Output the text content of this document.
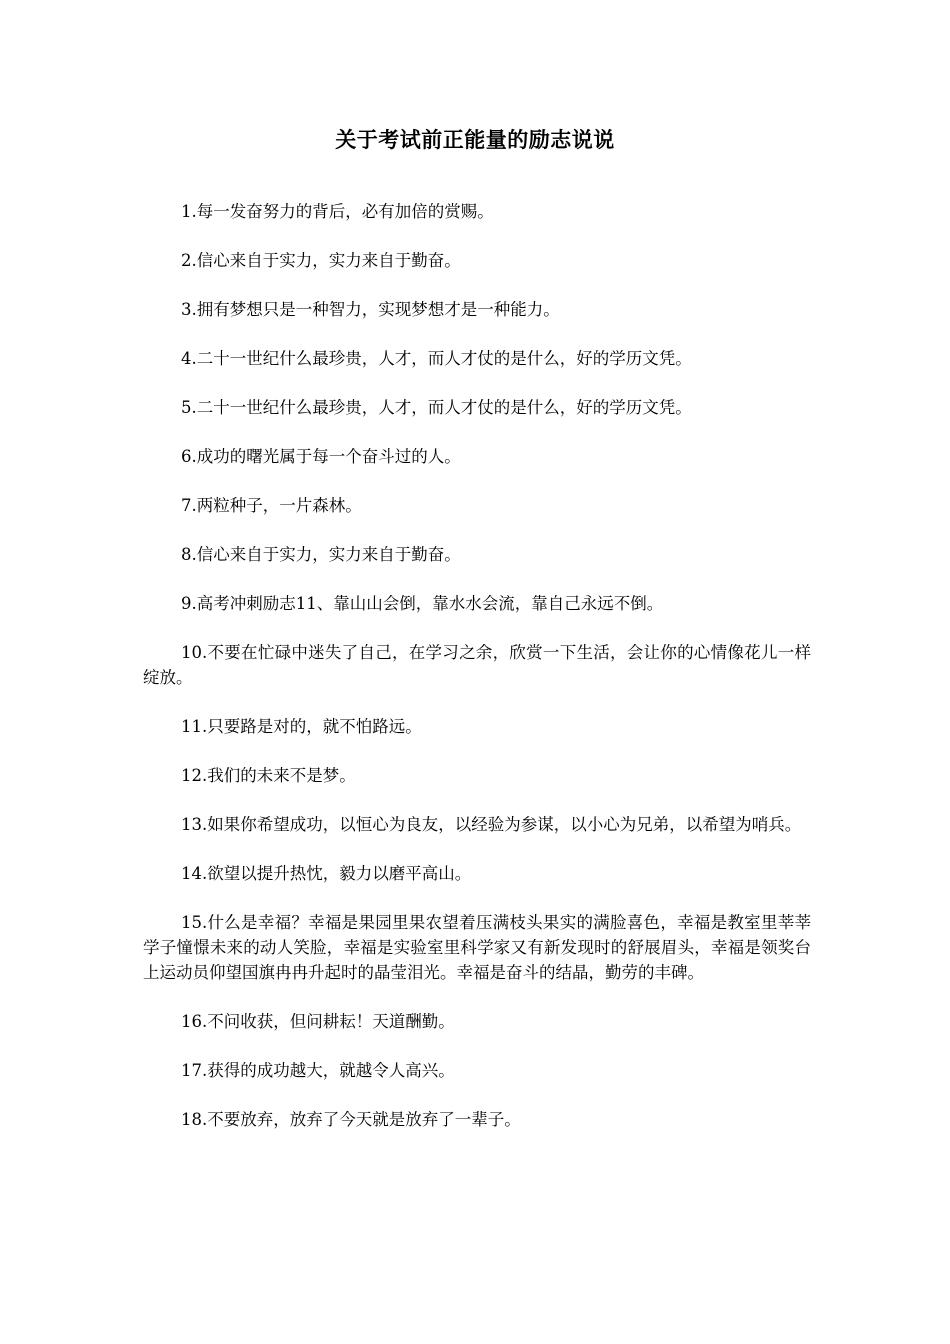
关于考试前正能量的励志说说

1.每一发奋努力的背后，必有加倍的赏赐。

2.信心来自于实力，实力来自于勤奋。

3.拥有梦想只是一种智力，实现梦想才是一种能力。

4.二十一世纪什么最珍贵，人才，而人才仗的是什么，好的学历文凭。

5.二十一世纪什么最珍贵，人才，而人才仗的是什么，好的学历文凭。

6.成功的曙光属于每一个奋斗过的人。

7.两粒种子，一片森林。

8.信心来自于实力，实力来自于勤奋。

9.高考冲刺励志11、靠山山会倒，靠水水会流，靠自己永远不倒。

10.不要在忙碌中迷失了自己，在学习之余，欣赏一下生活，会让你的心情像花儿一样绽放。

11.只要路是对的，就不怕路远。

12.我们的未来不是梦。

13.如果你希望成功，以恒心为良友，以经验为参谋，以小心为兄弟，以希望为哨兵。

14.欲望以提升热忱，毅力以磨平高山。

15.什么是幸福？幸福是果园里果农望着压满枝头果实的满脸喜色，幸福是教室里莘莘学子憧憬未来的动人笑脸，幸福是实验室里科学家又有新发现时的舒展眉头，幸福是领奖台上运动员仰望国旗冉冉升起时的晶莹泪光。幸福是奋斗的结晶，勤劳的丰碑。

16.不问收获，但问耕耘！天道酬勤。

17.获得的成功越大，就越令人高兴。

18.不要放弃，放弃了今天就是放弃了一辈子。
